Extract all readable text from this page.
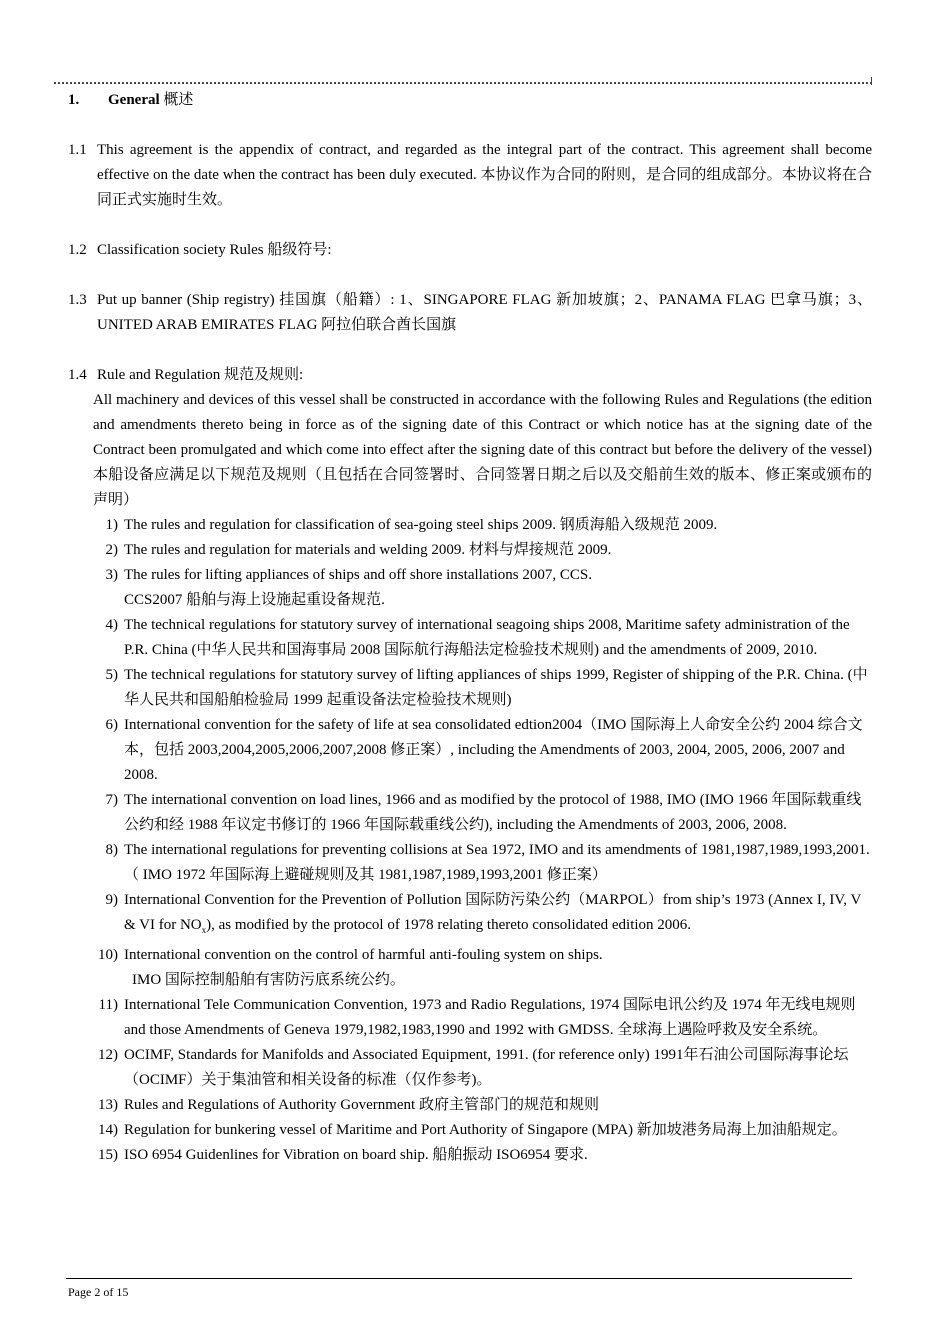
1. General 概述

1.1 This agreement is the appendix of contract, and regarded as the integral part of the contract. This agreement shall become effective on the date when the contract has been duly executed. 本协议作为合同的附则，是合同的组成部分。本协议将在合同正式实施时生效。
1.2 Classification society Rules 船级符号:
1.3 Put up banner (Ship registry) 挂国旗（船籍）: 1、SINGAPORE FLAG 新加坡旗；2、PANAMA FLAG 巴拿马旗；3、UNITED ARAB EMIRATES FLAG 阿拉伯联合酋长国旗
1.4 Rule and Regulation 规范及规则:
All machinery and devices of this vessel shall be constructed in accordance with the following Rules and Regulations (the edition and amendments thereto being in force as of the signing date of this Contract or which notice has at the signing date of the Contract been promulgated and which come into effect after the signing date of this contract but before the delivery of the vessel) 本船设备应满足以下规范及规则（且包括在合同签署时、合同签署日期之后以及交船前生效的版本、修正案或颁布的声明）
1) The rules and regulation for classification of sea-going steel ships 2009. 钢质海船入级规范 2009.
2) The rules and regulation for materials and welding 2009. 材料与焊接规范 2009.
3) The rules for lifting appliances of ships and off shore installations 2007, CCS.
CCS2007 船舶与海上设施起重设备规范.
4) The technical regulations for statutory survey of international seagoing ships 2008, Maritime safety administration of the P.R. China (中华人民共和国海事局 2008 国际航行海船法定检验技术规则) and the amendments of 2009, 2010.
5) The technical regulations for statutory survey of lifting appliances of ships 1999, Register of shipping of the P.R. China. (中华人民共和国船舶检验局 1999 起重设备法定检验技术规则)
6) International convention for the safety of life at sea consolidated edtion2004（IMO 国际海上人命安全公约 2004 综合文本，包括 2003,2004,2005,2006,2007,2008 修正案）, including the Amendments of 2003, 2004, 2005, 2006, 2007 and 2008.
7) The international convention on load lines, 1966 and as modified by the protocol of 1988, IMO (IMO 1966 年国际载重线公约和经 1988 年议定书修订的 1966 年国际载重线公约), including the Amendments of 2003, 2006, 2008.
8) The international regulations for preventing collisions at Sea 1972, IMO and its amendments of 1981,1987,1989,1993,2001.（ IMO 1972 年国际海上避碰规则及其 1981,1987,1989,1993,2001 修正案）
9) International Convention for the Prevention of Pollution 国际防污染公约（MARPOL）from ship’s 1973 (Annex I, IV, V & VI for $NO_x$), as modified by the protocol of 1978 relating thereto consolidated edition 2006.
10) International convention on the control of harmful anti-fouling system on ships.
IMO 国际控制船舶有害防污底系统公约。
11) International Tele Communication Convention, 1973 and Radio Regulations, 1974 国际电讯公约及 1974 年无线电规则 and those Amendments of Geneva 1979,1982,1983,1990 and 1992 with GMDSS. 全球海上遇险呼救及安全系统。
12) OCIMF, Standards for Manifolds and Associated Equipment, 1991. (for reference only) 1991年石油公司国际海事论坛（OCIMF）关于集油管和相关设备的标准（仅作参考)。
13) Rules and Regulations of Authority Government 政府主管部门的规范和规则
14) Regulation for bunkering vessel of Maritime and Port Authority of Singapore (MPA) 新加坡港务局海上加油船规定。
15) ISO 6954 Guidenlines for Vibration on board ship. 船舶振动 ISO6954 要求.
Page 2 of 15
